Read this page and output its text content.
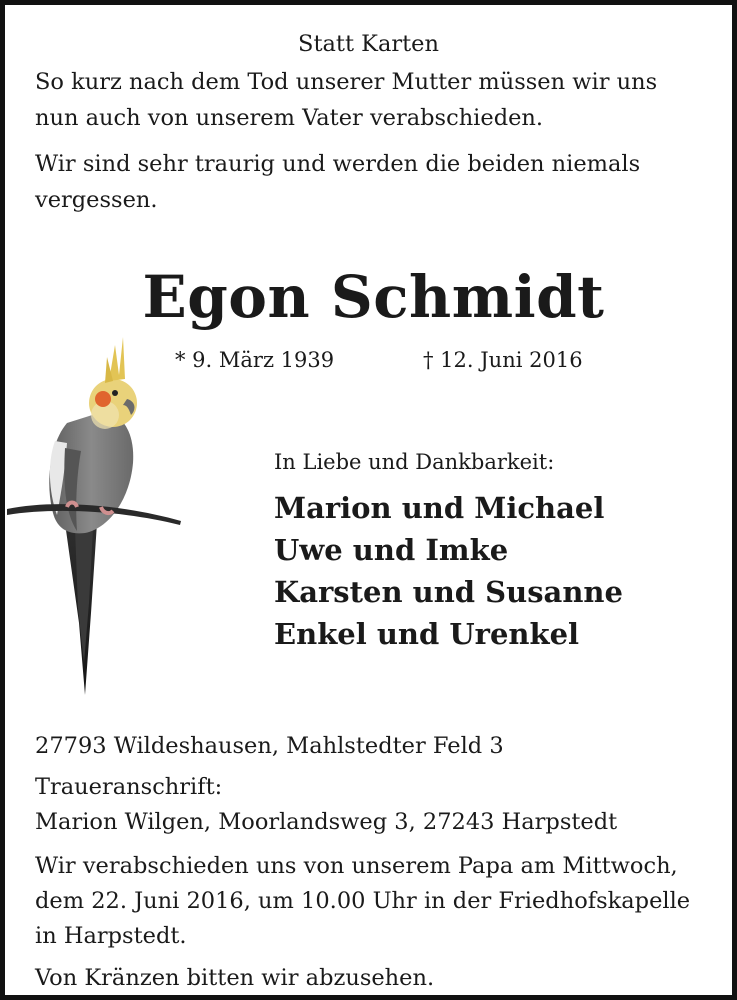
Statt Karten
So kurz nach dem Tod unserer Mutter müssen wir uns
nun auch von unserem Vater verabschieden.
Wir sind sehr traurig und werden die beiden niemals
vergessen.
Egon Schmidt
* 9. März 1939	† 12. Juni 2016
In Liebe und Dankbarkeit:
Marion und Michael
Uwe und Imke
Karsten und Susanne
Enkel und Urenkel
27793 Wildeshausen, Mahlstedter Feld 3
Traueranschrift:
Marion Wilgen, Moorlandsweg 3, 27243 Harpstedt
Wir verabschieden uns von unserem Papa am Mittwoch,
dem 22. Juni 2016, um 10.00 Uhr in der Friedhofskapelle
in Harpstedt.
Von Kränzen bitten wir abzusehen.
